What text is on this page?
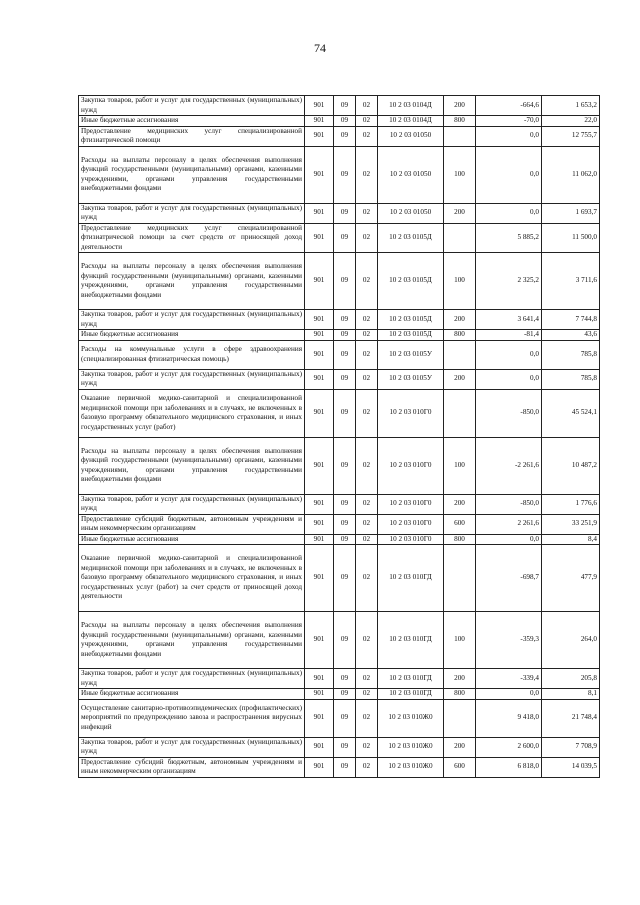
74
Закупка товаров, работ и услуг для государственных (муниципальных) нужд	901	09	02	10 2 03 0104Д	200	-664,6	1 653,2
Иные бюджетные ассигнования	901	09	02	10 2 03 0104Д	800	-70,0	22,0
Предоставление медицинских услуг специализированной фтизиатрической помощи	901	09	02	10 2 03 01050		0,0	12 755,7
Расходы на выплаты персоналу в целях обеспечения выполнения функций государственными (муниципальными) органами, казенными учреждениями, органами управления государственными внебюджетными фондами	901	09	02	10 2 03 01050	100	0,0	11 062,0
Закупка товаров, работ и услуг для государственных (муниципальных) нужд	901	09	02	10 2 03 01050	200	0,0	1 693,7
Предоставление медицинских услуг специализированной фтизиатрической помощи за счет средств от приносящей доход деятельности	901	09	02	10 2 03 0105Д		5 885,2	11 500,0
Расходы на выплаты персоналу в целях обеспечения выполнения функций государственными (муниципальными) органами, казенными учреждениями, органами управления государственными внебюджетными фондами	901	09	02	10 2 03 0105Д	100	2 325,2	3 711,6
Закупка товаров, работ и услуг для государственных (муниципальных) нужд	901	09	02	10 2 03 0105Д	200	3 641,4	7 744,8
Иные бюджетные ассигнования	901	09	02	10 2 03 0105Д	800	-81,4	43,6
Расходы на коммунальные услуги в сфере здравоохранения (специализированная фтизиатрическая помощь)	901	09	02	10 2 03 0105У		0,0	785,8
Закупка товаров, работ и услуг для государственных (муниципальных) нужд	901	09	02	10 2 03 0105У	200	0,0	785,8
Оказание первичной медико-санитарной и специализированной медицинской помощи при заболеваниях и в случаях, не включенных в базовую программу обязательного медицинского страхования, и иных государственных услуг (работ)	901	09	02	10 2 03 010Г0		-850,0	45 524,1
Расходы на выплаты персоналу в целях обеспечения выполнения функций государственными (муниципальными) органами, казенными учреждениями, органами управления государственными внебюджетными фондами	901	09	02	10 2 03 010Г0	100	-2 261,6	10 487,2
Закупка товаров, работ и услуг для государственных (муниципальных) нужд	901	09	02	10 2 03 010Г0	200	-850,0	1 776,6
Предоставление субсидий бюджетным, автономным учреждениям и иным некоммерческим организациям	901	09	02	10 2 03 010Г0	600	2 261,6	33 251,9
Иные бюджетные ассигнования	901	09	02	10 2 03 010Г0	800	0,0	8,4
Оказание первичной медико-санитарной и специализированной медицинской помощи при заболеваниях и в случаях, не включенных в базовую программу обязательного медицинского страхования, и иных государственных услуг (работ) за счет средств от приносящей доход деятельности	901	09	02	10 2 03 010ГД		-698,7	477,9
Расходы на выплаты персоналу в целях обеспечения выполнения функций государственными (муниципальными) органами, казенными учреждениями, органами управления государственными внебюджетными фондами	901	09	02	10 2 03 010ГД	100	-359,3	264,0
Закупка товаров, работ и услуг для государственных (муниципальных) нужд	901	09	02	10 2 03 010ГД	200	-339,4	205,8
Иные бюджетные ассигнования	901	09	02	10 2 03 010ГД	800	0,0	8,1
Осуществление санитарно-противоэпидемических (профилактических) мероприятий по предупреждению завоза и распространения вирусных инфекций	901	09	02	10 2 03 010Ж0		9 418,0	21 748,4
Закупка товаров, работ и услуг для государственных (муниципальных) нужд	901	09	02	10 2 03 010Ж0	200	2 600,0	7 708,9
Предоставление субсидий бюджетным, автономным учреждениям и иным некоммерческим организациям	901	09	02	10 2 03 010Ж0	600	6 818,0	14 039,5
